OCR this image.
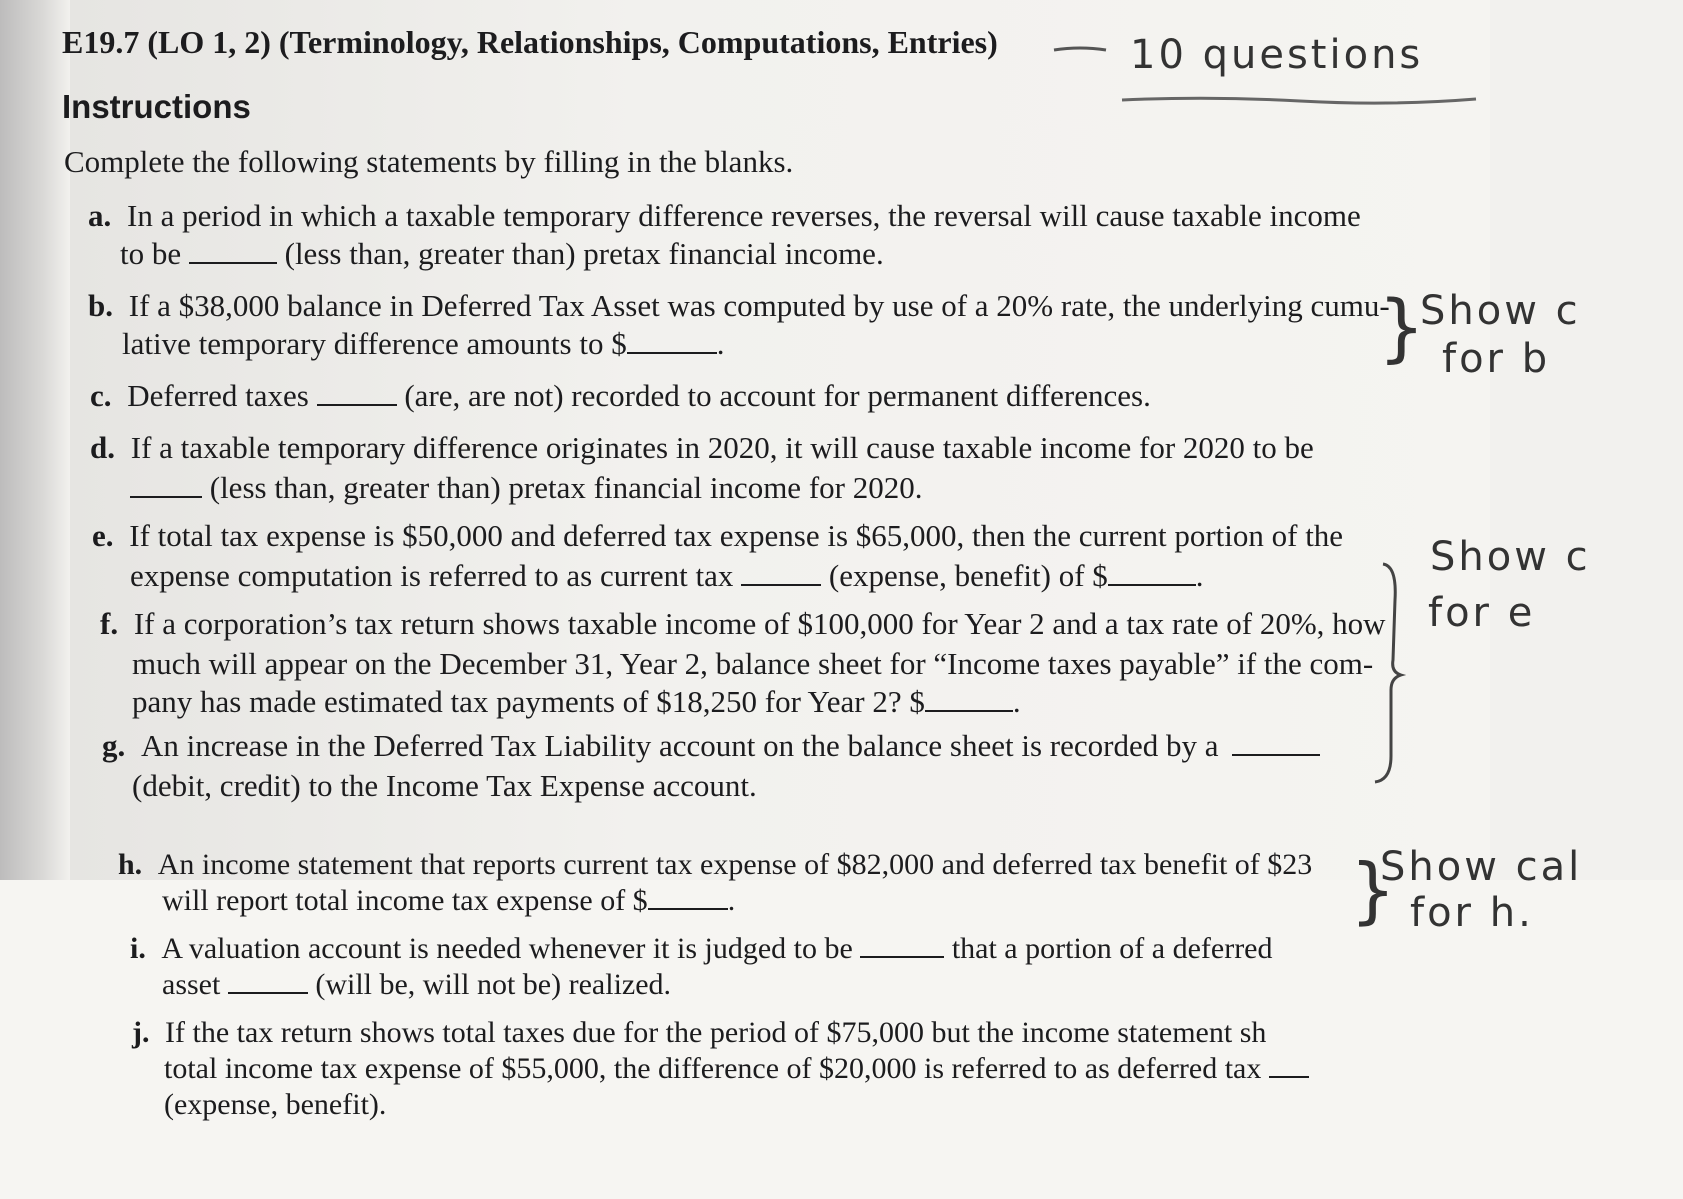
E19.7 (LO 1, 2) (Terminology, Relationships, Computations, Entries)	10 questions
Instructions
Complete the following statements by filling in the blanks.
a. In a period in which a taxable temporary difference reverses, the reversal will cause taxable income
to be	(less than, greater than) pretax financial income.
b. If a $38,000 balance in Deferred Tax Asset was computed by use of a 20% rate, the underlying cumu-
lative temporary difference amounts to $	.	}
Show c
for b
c. Deferred taxes	(are, are not) recorded to account for permanent differences.
d. If a taxable temporary difference originates in 2020, it will cause taxable income for 2020 to be
(less than, greater than) pretax financial income for 2020.
e. If total tax expense is $50,000 and deferred tax expense is $65,000, then the current portion of the
expense computation is referred to as current tax	(expense, benefit) of $	.
f. If a corporation’s tax return shows taxable income of $100,000 for Year 2 and a tax rate of 20%, how
much will appear on the December 31, Year 2, balance sheet for “Income taxes payable” if the com-
pany has made estimated tax payments of $18,250 for Year 2? $	.
Show c
for e
g. An increase in the Deferred Tax Liability account on the balance sheet is recorded by a
(debit, credit) to the Income Tax Expense account.
h. An income statement that reports current tax expense of $82,000 and deferred tax benefit of $23
will report total income tax expense of $	.	}
Show cal
for h.
i. A valuation account is needed whenever it is judged to be	that a portion of a deferred
asset	(will be, will not be) realized.
j. If the tax return shows total taxes due for the period of $75,000 but the income statement sh
total income tax expense of $55,000, the difference of $20,000 is referred to as deferred tax
(expense, benefit).
